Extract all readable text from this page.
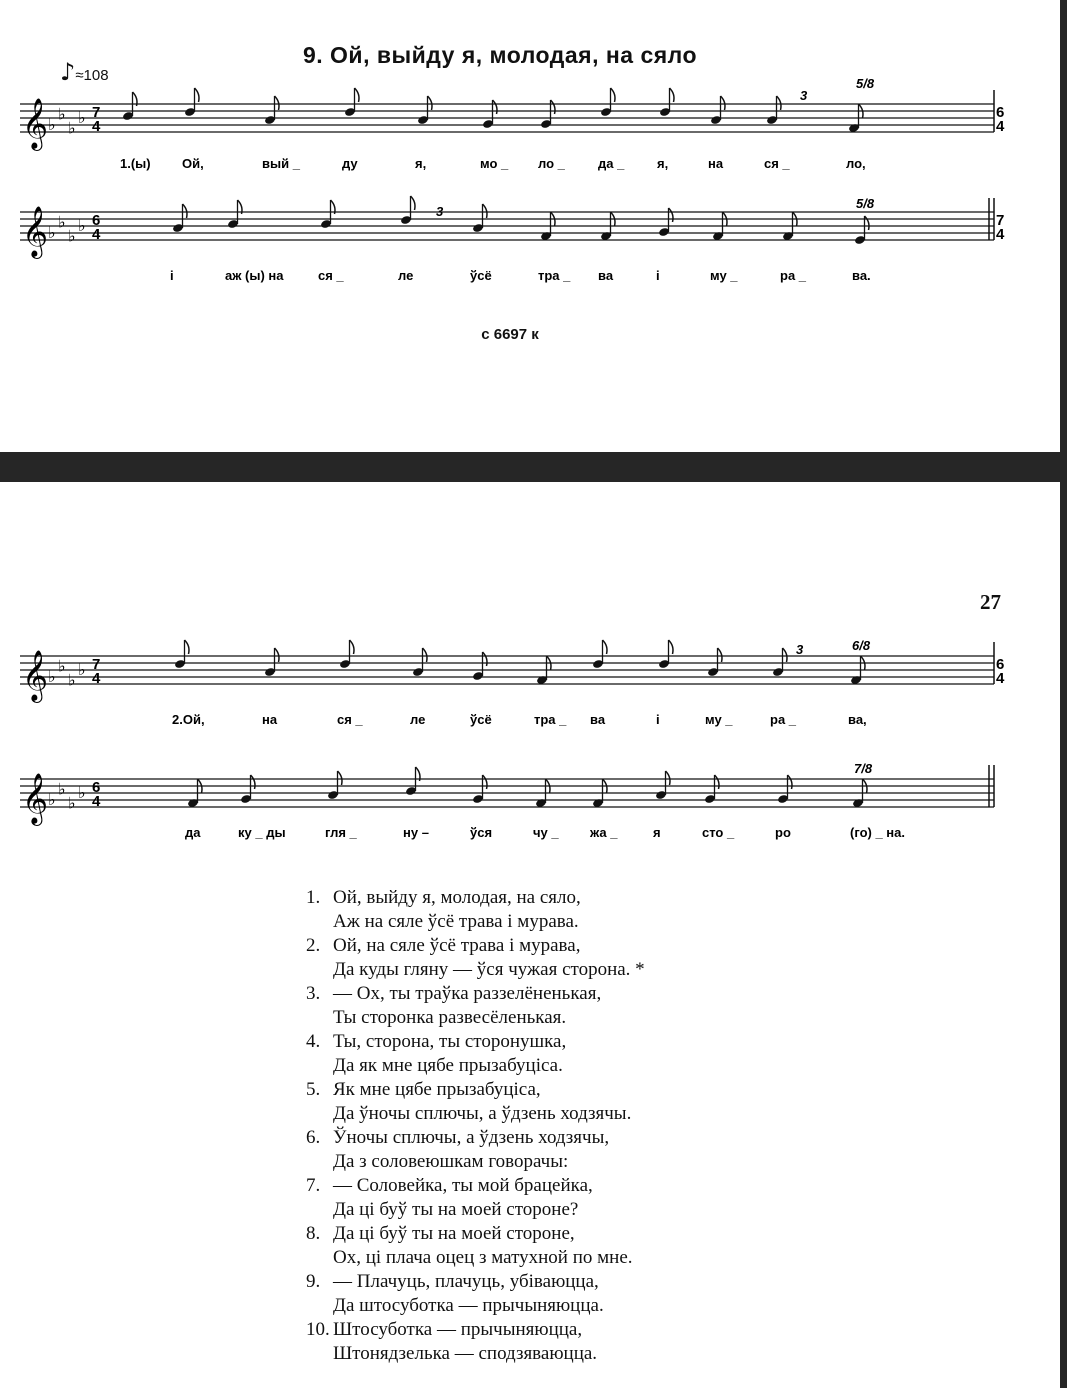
9. Ой, выйду я, молодая, на сяло
♪≈108
𝄞 ♭
♭
♭
♭ 7
4
3
5/8
6
4
1.(ы) Ой,	вый _	ду	я,	мо _ ло _	да _	я,	на	ся _	ло,
𝄞 ♭
♭
♭
♭ 6
4
3
5/8
7
4
і	аж (ы) на	ся _	ле	ўсё	тра _ ва	і	му _	ра _	ва.
с 6697 к
27
𝄞 ♭
♭
♭
♭ 7
4
3	6/8
6
4
2.Ой,	на	ся _	ле	ўсё	тра _ ва	і	му _	ра _	ва,
𝄞 ♭
♭
♭
♭ 6
4
7/8
да	ку _ ды	гля _	ну –	ўся	чу _ жа _	я	сто _	ро	(го) _ на.
1. Ой, выйду я, молодая, на сяло,
Аж на сяле ўсё трава і мурава.
2. Ой, на сяле ўсё трава і мурава,
Да куды гляну — ўся чужая сторона. *
3. — Ох, ты траўка раззелёненькая,
Ты сторонка развесёленькая.
4. Ты, сторона, ты сторонушка,
Да як мне цябе прызабуціса.
5. Як мне цябе прызабуціса,
Да ўночы сплючы, а ўдзень ходзячы.
6. Ўночы сплючы, а ўдзень ходзячы,
Да з соловеюшкам говорачы:
7. — Соловейка, ты мой брацейка,
Да ці буў ты на моей стороне?
8. Да ці буў ты на моей стороне,
Ох, ці плача оцец з матухной по мне.
9. — Плачуць, плачуць, убіваюцца,
Да штосуботка — прычыняюцца.
10. Штосуботка — прычыняюцца,
Штонядзелька — сподзяваюцца.
